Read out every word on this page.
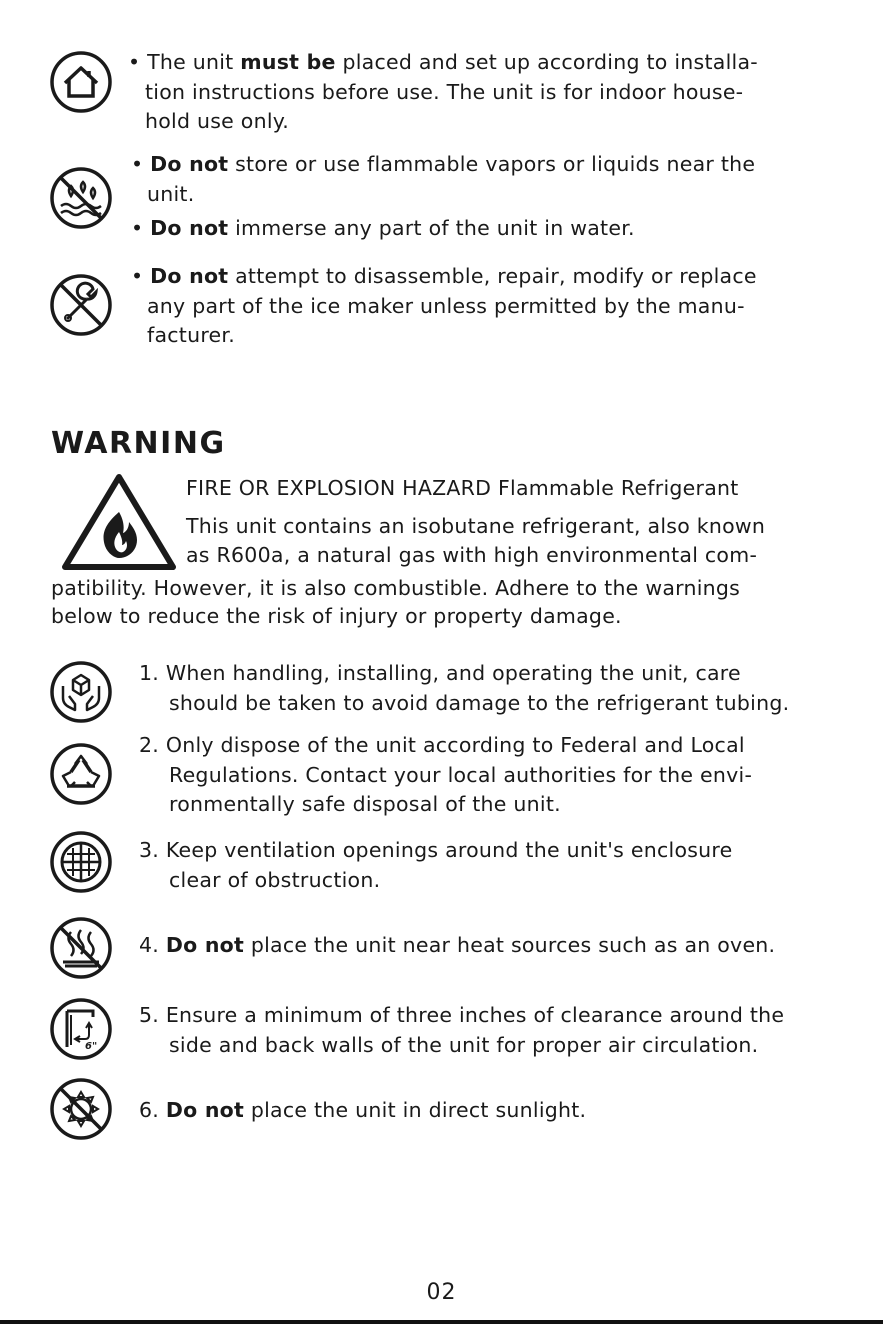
• The unit must be placed and set up according to installa-
tion instructions before use. The unit is for indoor house-
hold use only.
• Do not store or use flammable vapors or liquids near the
unit.
• Do not immerse any part of the unit in water.
• Do not attempt to disassemble, repair, modify or replace
any part of the ice maker unless permitted by the manu-
facturer.
WARNING
FIRE OR EXPLOSION HAZARD Flammable Refrigerant
This unit contains an isobutane refrigerant, also known
as R600a, a natural gas with high environmental com-
patibility. However, it is also combustible. Adhere to the warnings
below to reduce the risk of injury or property damage.
1. When handling, installing, and operating the unit, care
should be taken to avoid damage to the refrigerant tubing.
2. Only dispose of the unit according to Federal and Local
Regulations. Contact your local authorities for the envi-
ronmentally safe disposal of the unit.
3. Keep ventilation openings around the unit's enclosure
clear of obstruction.
4. Do not place the unit near heat sources such as an oven.
6"
5. Ensure a minimum of three inches of clearance around the
side and back walls of the unit for proper air circulation.
6. Do not place the unit in direct sunlight.
02
